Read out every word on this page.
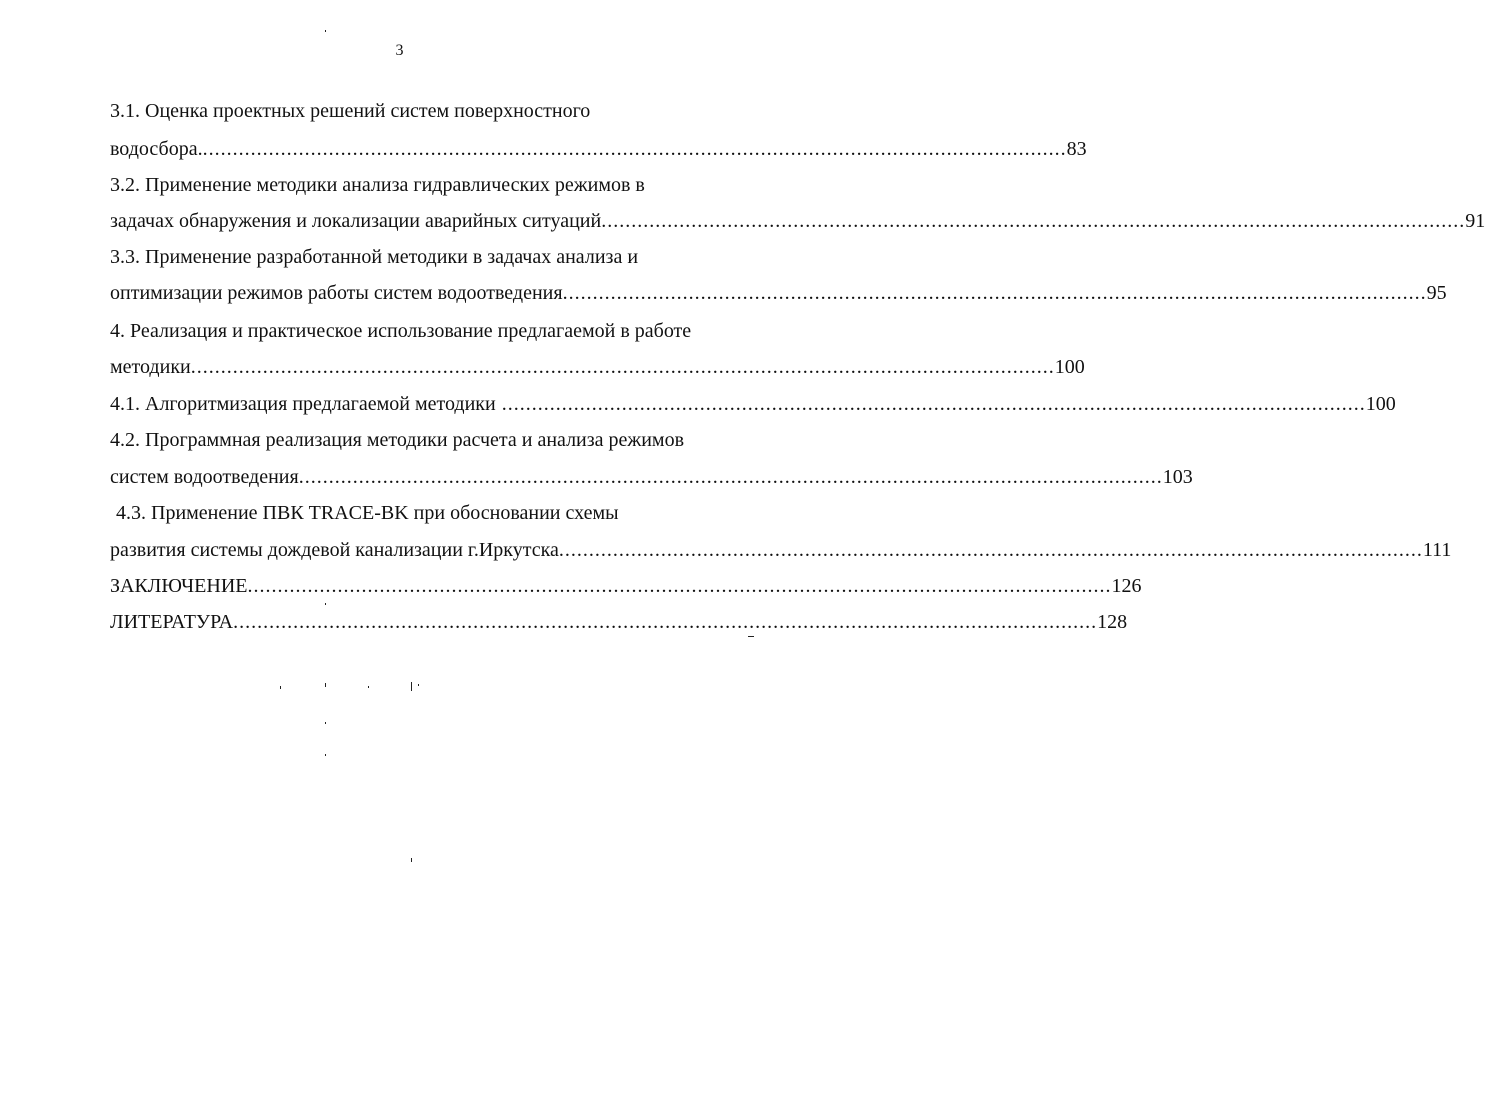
3
3.1. Оценка проектных решений систем поверхностного
водосбора. ................................................................................................................................................ 83
3.2. Применение методики анализа гидравлических режимов в
задачах обнаружения и локализации аварийных ситуаций ................................................................................................................................................ 91
3.3. Применение разработанной методики в задачах анализа и
оптимизации режимов работы систем водоотведения ................................................................................................................................................ 95
4. Реализация и практическое использование предлагаемой в работе
методики ................................................................................................................................................ 100
4.1. Алгоритмизация предлагаемой методики ................................................................................................................................................ 100
4.2. Программная реализация методики расчета и анализа режимов
систем водоотведения ................................................................................................................................................ 103
4.3. Применение ПВК TRACE-BK при обосновании схемы
развития системы дождевой канализации г.Иркутска ................................................................................................................................................ 111
ЗАКЛЮЧЕНИЕ ................................................................................................................................................ 126
ЛИТЕРАТУРА ................................................................................................................................................ 128
